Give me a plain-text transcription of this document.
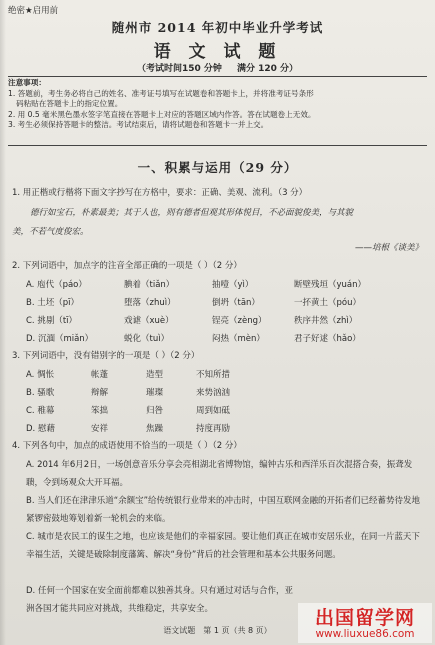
绝密★启用前
随州市 2014 年初中毕业升学考试
语 文 试 题
（考试时间150 分钟 满分 120 分）
注意事项：
1. 答题前，考生务必将自己的姓名、准考证号填写在试题卷和答题卡上，并将准考证号条形
码粘贴在答题卡上的指定位置。
2. 用 0.5 毫米黑色墨水签字笔直接在答题卡上对应的答题区域内作答。答在试题卷上无效。
3. 考生必须保持答题卡的整洁。考试结束后，请将试题卷和答题卡一并上交。
一、积累与运用（29 分）
1. 用正楷或行楷将下面文字抄写在方格中，要求：正确、美观、流利。（3 分）
德行如宝石，朴素最美；其于人也，则有德者但观其形体悦目，不必面貌俊美，与其貌
美，不若气度俊宏。
——培根《谈美》
2. 下列词语中，加点字的注音全部正确的一项是（ ）（2 分）
A. 庖代（páo）	腆着（tiǎn）	抽噎（yì）	断壁残垣（yuán）
B. 土坯（pī）	堕落（zhuì）	倒坍（tān）	一抔黄土（póu）
C. 挑剔（tī）	戏谑（xuè）	锃亮（zèng）	秩序井然（zhì）
D. 沉湎（miǎn）	蜕化（tuì）	闷热（mèn）	君子好逑（hǎo）
3. 下列词语中，没有错别字的一项是（ ）（2 分）
A. 惆怅	帐蓬	造型	不知所措
B. 骚歌	辩解	璀璨	来势汹汹
C. 稚幕	笨拙	归咎	周到如砥
D. 慰藉	安祥	焦躁	持度再励
4. 下列各句中，加点的成语使用不恰当的一项是（ ）（2 分）
A. 2014 年6月2日，一场创意音乐分享会亮相湖北省博物馆，编钟古乐和西洋乐百次混搭合奏，振聋发聩，令到场观众大开耳福。
B. 当人们还在津津乐道“余额宝”给传统银行业带来的冲击时，中国互联网金融的开拓者们已经蓄势待发地紧锣密鼓地筹划着新一轮机会的来临。
C. 城市是农民工的谋生之地，也应该是他们的幸福家园。要让他们真正在城市安居乐业，在同一片蓝天下幸福生活，关键是破除制度藩篱、解决“身份”背后的社会管理和基本公共服务问题。
D. 任何一个国家在安全面前都难以独善其身。只有通过对话与合作，亚洲各国才能共同应对挑战，共维稳定，共享安全。
语文试题　第 1 页（共 8 页）
出国留学网
www.liuxue86.com
